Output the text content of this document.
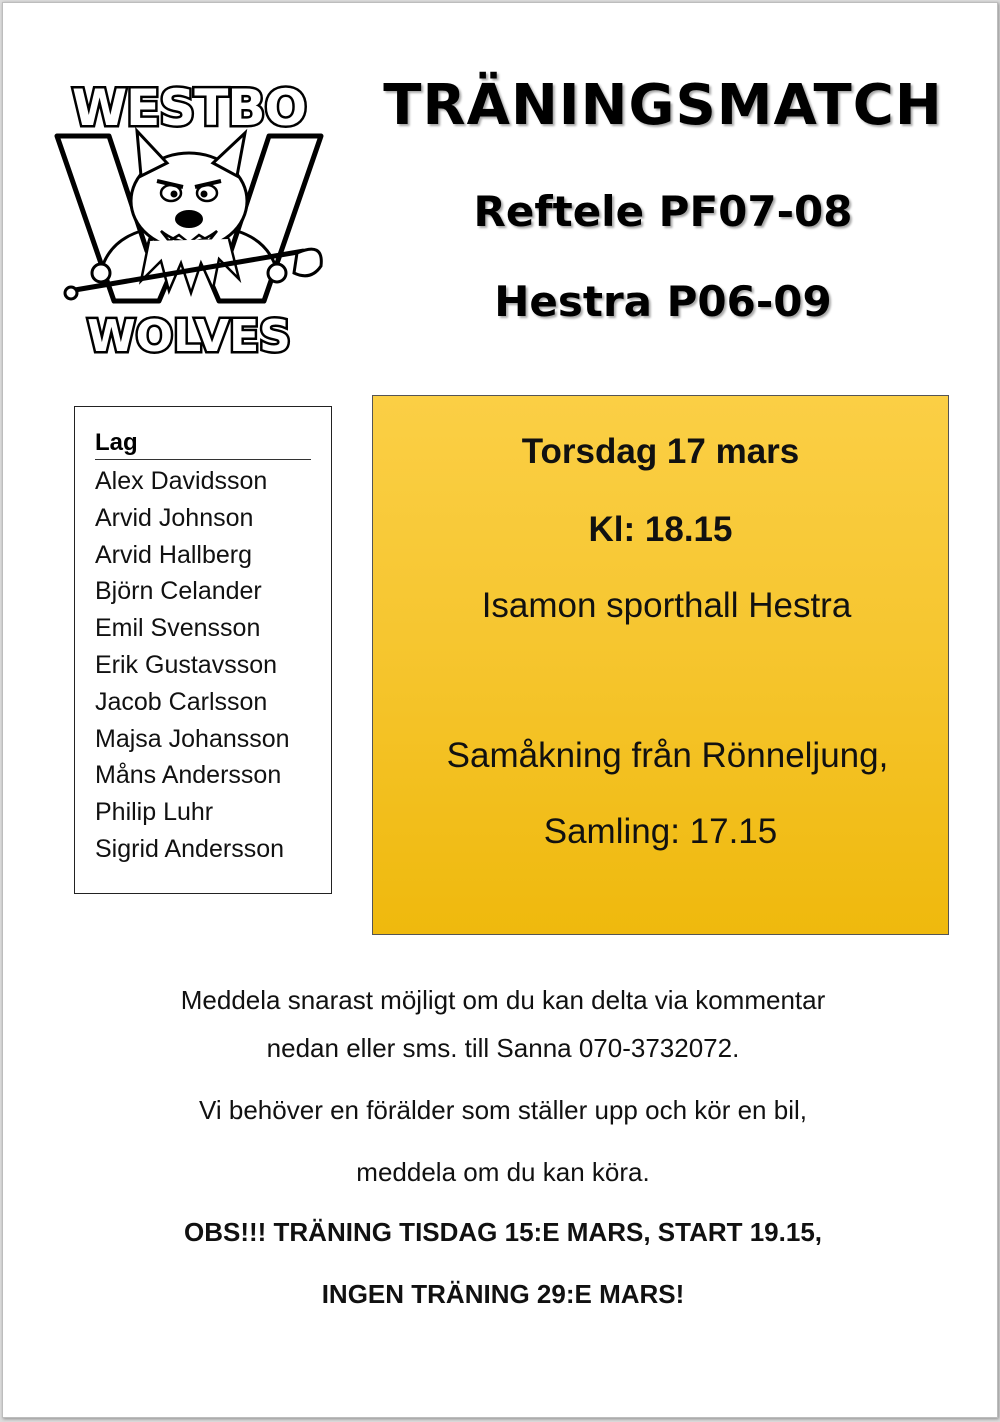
WESTBO
WOLVES
TRÄNINGSMATCH
Reftele PF07-08
Hestra P06-09
Lag
Alex Davidsson
Arvid Johnson
Arvid Hallberg
Björn Celander
Emil Svensson
Erik Gustavsson
Jacob Carlsson
Majsa Johansson
Måns Andersson
Philip Luhr
Sigrid Andersson
Torsdag 17 mars
Kl: 18.15
Isamon sporthall Hestra
Samåkning från Rönneljung,
Samling: 17.15
Meddela snarast möjligt om du kan delta via kommentar
nedan eller sms. till Sanna 070-3732072.
Vi behöver en förälder som ställer upp och kör en bil,
meddela om du kan köra.
OBS!!! TRÄNING TISDAG 15:E MARS, START 19.15,
INGEN TRÄNING 29:E MARS!
